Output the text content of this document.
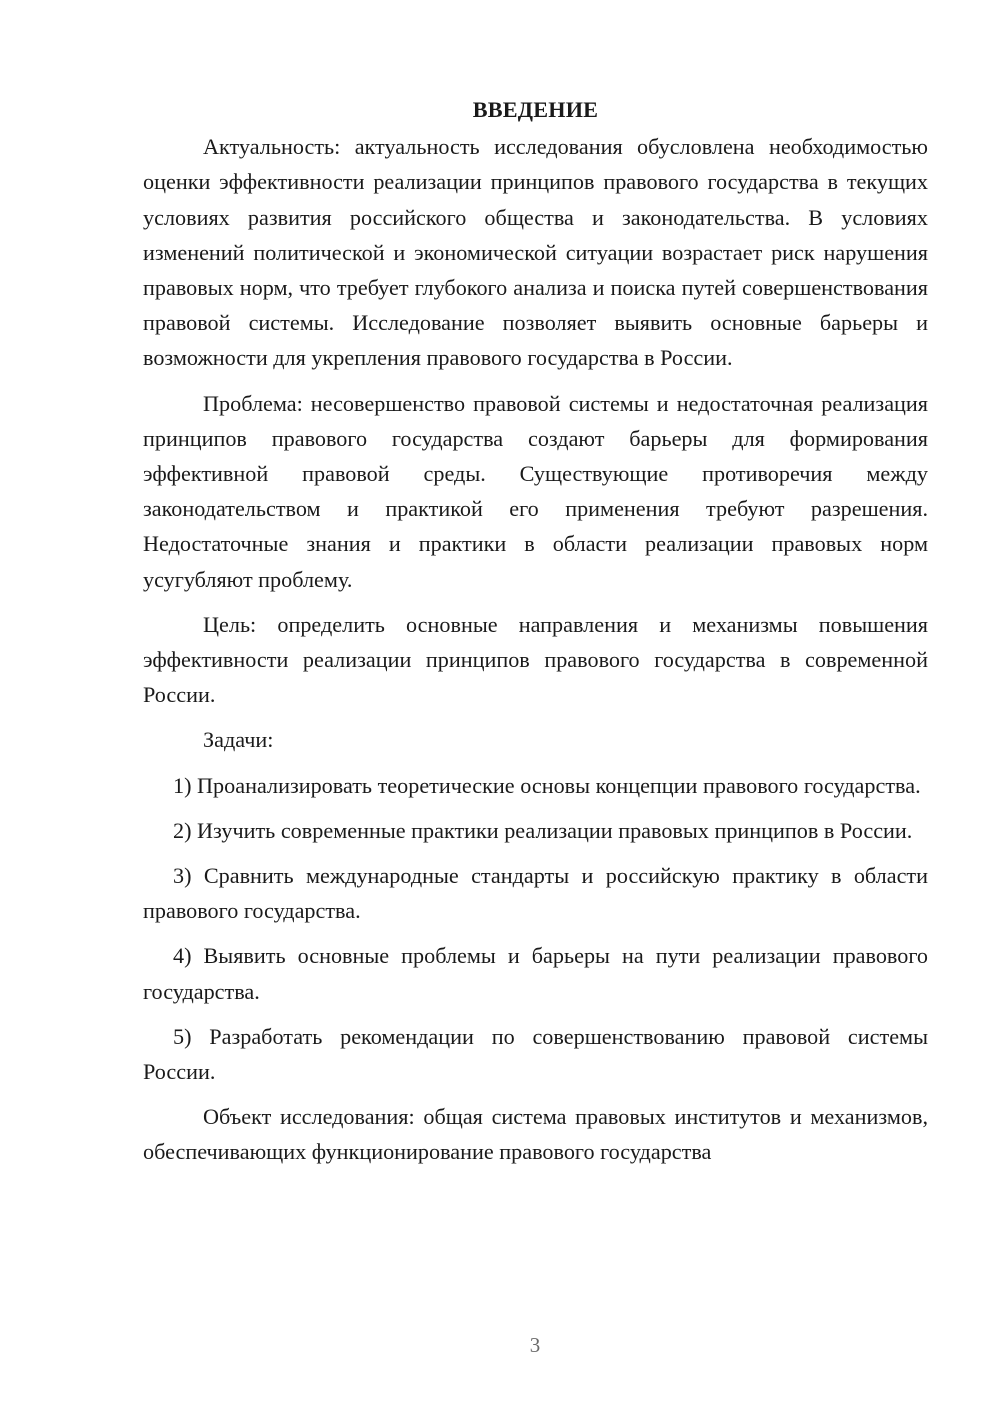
ВВЕДЕНИЕ

Актуальность: актуальность исследования обусловлена необходимостью оценки эффективности реализации принципов правового государства в текущих условиях развития российского общества и законодательства. В условиях изменений политической и экономической ситуации возрастает риск нарушения правовых норм, что требует глубокого анализа и поиска путей совершенствования правовой системы. Исследование позволяет выявить основные барьеры и возможности для укрепления правового государства в России.

Проблема: несовершенство правовой системы и недостаточная реализация принципов правового государства создают барьеры для формирования эффективной правовой среды. Существующие противоречия между законодательством и практикой его применения требуют разрешения. Недостаточные знания и практики в области реализации правовых норм усугубляют проблему.

Цель: определить основные направления и механизмы повышения эффективности реализации принципов правового государства в современной России.

Задачи:

1) Проанализировать теоретические основы концепции правового государства.

2) Изучить современные практики реализации правовых принципов в России.

3) Сравнить международные стандарты и российскую практику в области правового государства.

4) Выявить основные проблемы и барьеры на пути реализации правового государства.

5) Разработать рекомендации по совершенствованию правовой системы России.

Объект исследования: общая система правовых институтов и механизмов, обеспечивающих функционирование правового государства

3
